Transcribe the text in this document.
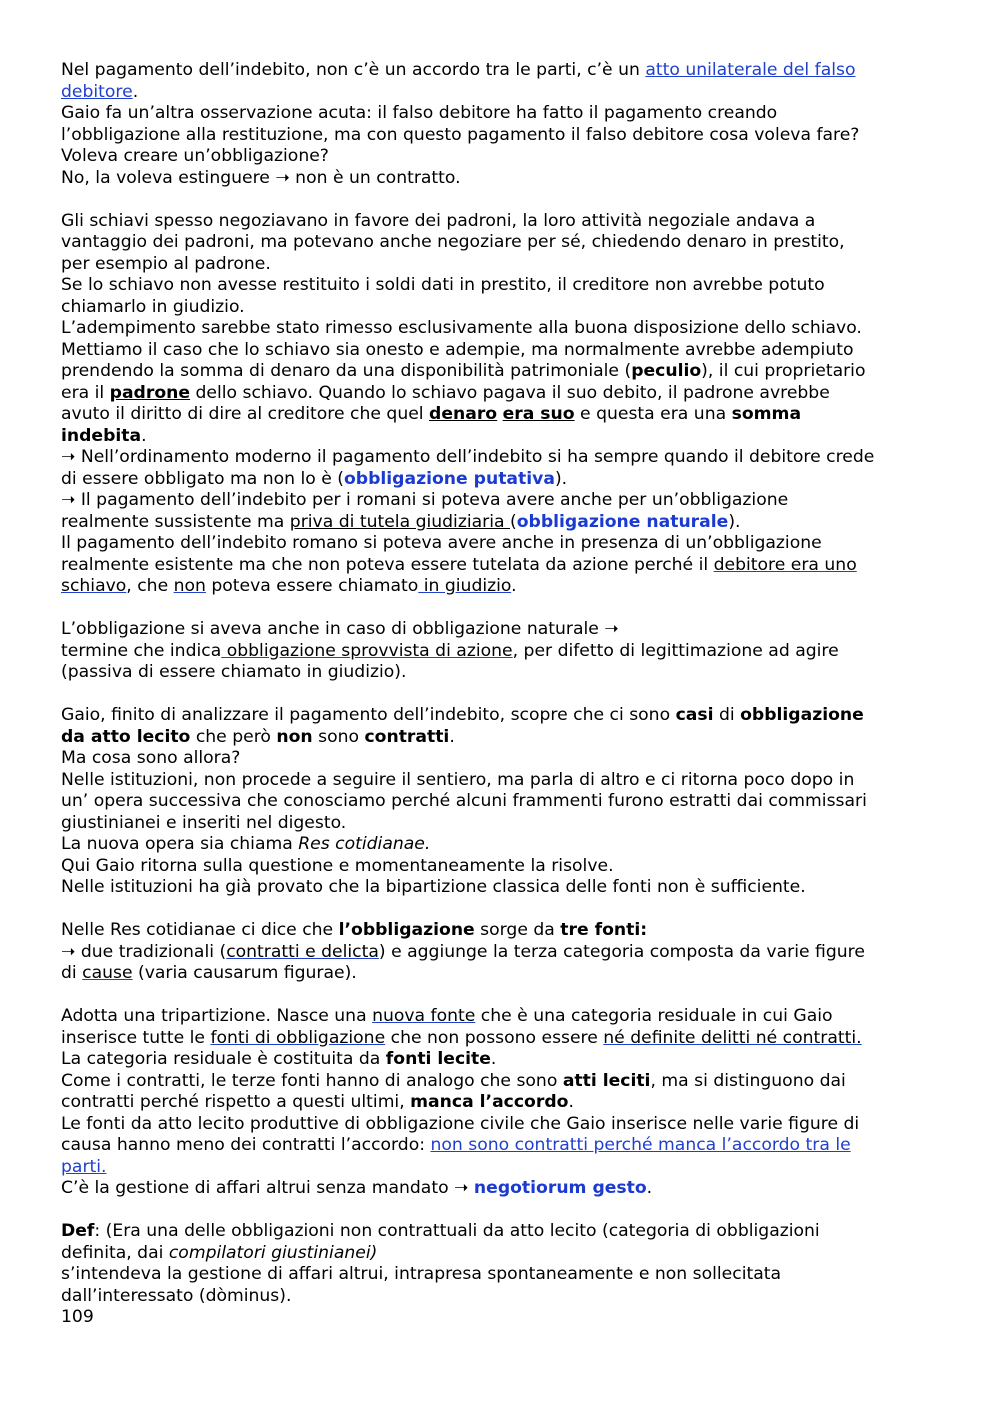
Nel pagamento dell’indebito, non c’è un accordo tra le parti, c’è un atto unilaterale del falso

debitore.

Gaio fa un’altra osservazione acuta: il falso debitore ha fatto il pagamento creando

l’obbligazione alla restituzione, ma con questo pagamento il falso debitore cosa voleva fare?

Voleva creare un’obbligazione?

No, la voleva estinguere ➝ non è un contratto.

Gli schiavi spesso negoziavano in favore dei padroni, la loro attività negoziale andava a

vantaggio dei padroni, ma potevano anche negoziare per sé, chiedendo denaro in prestito,

per esempio al padrone.

Se lo schiavo non avesse restituito i soldi dati in prestito, il creditore non avrebbe potuto

chiamarlo in giudizio.

L’adempimento sarebbe stato rimesso esclusivamente alla buona disposizione dello schiavo.

Mettiamo il caso che lo schiavo sia onesto e adempie, ma normalmente avrebbe adempiuto

prendendo la somma di denaro da una disponibilità patrimoniale (peculio), il cui proprietario

era il padrone dello schiavo. Quando lo schiavo pagava il suo debito, il padrone avrebbe

avuto il diritto di dire al creditore che quel denaro era suo e questa era una somma

indebita.

➝ Nell’ordinamento moderno il pagamento dell’indebito si ha sempre quando il debitore crede

di essere obbligato ma non lo è (obbligazione putativa).

➝ Il pagamento dell’indebito per i romani si poteva avere anche per un’obbligazione

realmente sussistente ma priva di tutela giudiziaria (obbligazione naturale).

Il pagamento dell’indebito romano si poteva avere anche in presenza di un’obbligazione

realmente esistente ma che non poteva essere tutelata da azione perché il debitore era uno

schiavo, che non poteva essere chiamato in giudizio.

L’obbligazione si aveva anche in caso di obbligazione naturale ➝

termine che indica obbligazione sprovvista di azione, per difetto di legittimazione ad agire

(passiva di essere chiamato in giudizio).

Gaio, finito di analizzare il pagamento dell’indebito, scopre che ci sono casi di obbligazione

da atto lecito che però non sono contratti.

Ma cosa sono allora?

Nelle istituzioni, non procede a seguire il sentiero, ma parla di altro e ci ritorna poco dopo in

un’ opera successiva che conosciamo perché alcuni frammenti furono estratti dai commissari

giustinianei e inseriti nel digesto.

La nuova opera sia chiama Res cotidianae.

Qui Gaio ritorna sulla questione e momentaneamente la risolve.

Nelle istituzioni ha già provato che la bipartizione classica delle fonti non è sufficiente.

Nelle Res cotidianae ci dice che l’obbligazione sorge da tre fonti:

➝ due tradizionali (contratti e delicta) e aggiunge la terza categoria composta da varie figure

di cause (varia causarum figurae).

Adotta una tripartizione. Nasce una nuova fonte che è una categoria residuale in cui Gaio

inserisce tutte le fonti di obbligazione che non possono essere né definite delitti né contratti.

La categoria residuale è costituita da fonti lecite.

Come i contratti, le terze fonti hanno di analogo che sono atti leciti, ma si distinguono dai

contratti perché rispetto a questi ultimi, manca l’accordo.

Le fonti da atto lecito produttive di obbligazione civile che Gaio inserisce nelle varie figure di

causa hanno meno dei contratti l’accordo: non sono contratti perché manca l’accordo tra le

parti.

C’è la gestione di affari altrui senza mandato ➝ negotiorum gesto.

Def: (Era una delle obbligazioni non contrattuali da atto lecito (categoria di obbligazioni

definita, dai compilatori giustinianei)

s’intendeva la gestione di affari altrui, intrapresa spontaneamente e non sollecitata

dall’interessato (dòminus).

109
